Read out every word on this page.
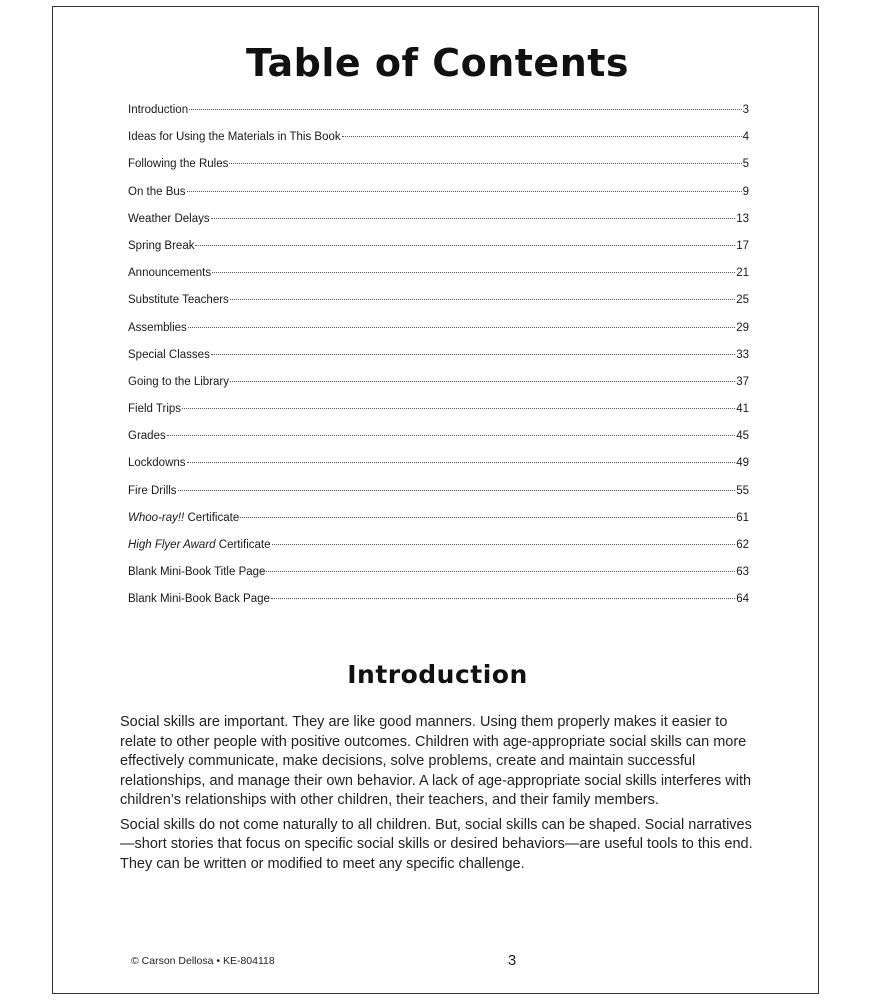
Table of Contents
Introduction	3
Ideas for Using the Materials in This Book	4
Following the Rules	5
On the Bus	9
Weather Delays	13
Spring Break	17
Announcements	21
Substitute Teachers	25
Assemblies	29
Special Classes	33
Going to the Library	37
Field Trips	41
Grades	45
Lockdowns	49
Fire Drills	55
Whoo-ray!! Certificate	61
High Flyer Award Certificate	62
Blank Mini-Book Title Page	63
Blank Mini-Book Back Page	64
Introduction

Social skills are important. They are like good manners. Using them properly makes it easier to relate to other people with positive outcomes. Children with age-appropriate social skills can more effectively communicate, make decisions, solve problems, create and maintain successful relationships, and manage their own behavior. A lack of age-appropriate social skills interferes with children’s relationships with other children, their teachers, and their family members.

Social skills do not come naturally to all children. But, social skills can be shaped. Social narratives—short stories that focus on specific social skills or desired behaviors—are useful tools to this end. They can be written or modified to meet any specific challenge.

© Carson Dellosa • KE-804118	3
